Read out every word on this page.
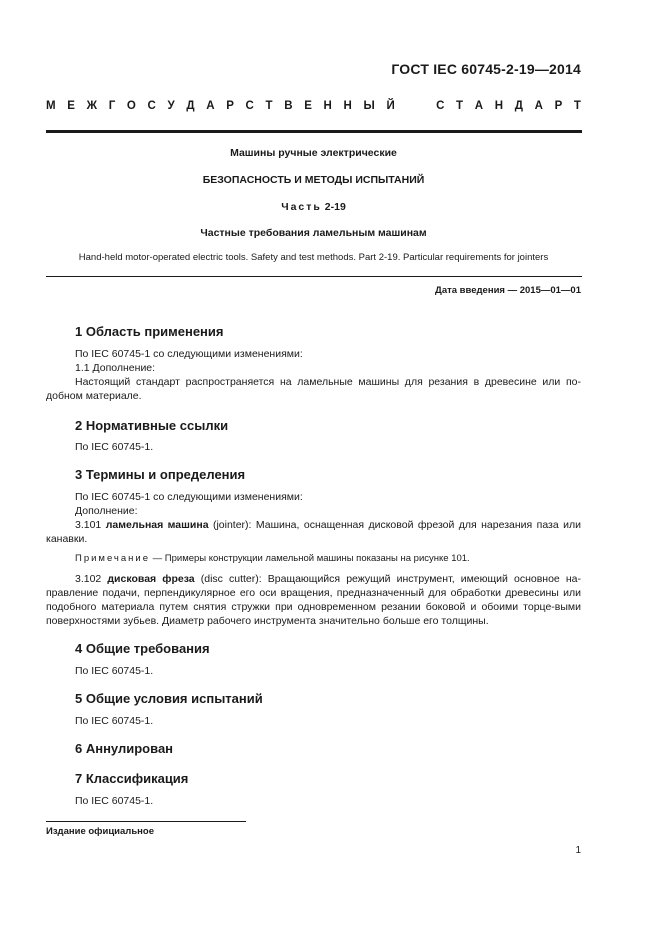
ГОСТ IEC 60745-2-19—2014
М Е Ж Г О С У Д А Р С Т В Е Н Н Ы Й	С Т А Н Д А Р Т
Машины ручные электрические
БЕЗОПАСНОСТЬ И МЕТОДЫ ИСПЫТАНИЙ
Часть 2-19
Частные требования ламельным машинам
Hand-held motor-operated electric tools. Safety and test methods. Part 2-19. Particular requirements for jointers
Дата введения — 2015—01—01
1 Область применения

По IEC 60745-1 со следующими изменениями:

1.1 Дополнение:

Настоящий стандарт распространяется на ламельные машины для резания в древесине или по-добном материале.

2 Нормативные ссылки

По IEC 60745-1.

3 Термины и определения

По IEC 60745-1 со следующими изменениями:

Дополнение:

3.101 ламельная машина (jointer): Машина, оснащенная дисковой фрезой для нарезания паза или канавки.

Примечание — Примеры конструкции ламельной машины показаны на рисунке 101.

3.102 дисковая фреза (disc cutter): Вращающийся режущий инструмент, имеющий основное на-правление подачи, перпендикулярное его оси вращения, предназначенный для обработки древесины или подобного материала путем снятия стружки при одновременном резании боковой и обоими торце-выми поверхностями зубьев. Диаметр рабочего инструмента значительно больше его толщины.

4 Общие требования

По IEC 60745-1.

5 Общие условия испытаний

По IEC 60745-1.

6 Аннулирован
7 Классификация

По IEC 60745-1.

Издание официальное
1
